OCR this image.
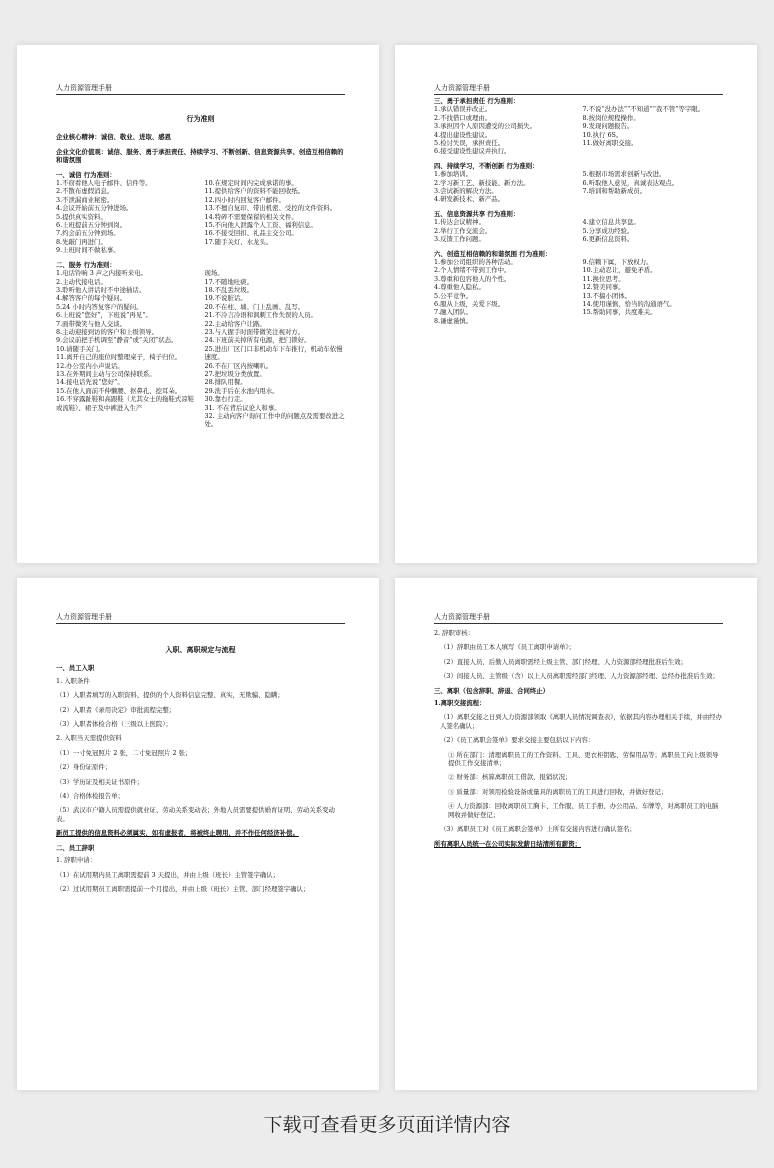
人力资源管理手册
行为准则
企业核心精神：诚信、敬业、进取、感恩
企业文化价值观：诚信、服务、勇于承担责任、持续学习、不断创新、信息资源共享、创造互相信赖的和谐氛围
一、诚信 行为准则：
1.不窃看他人电子邮件、信件等。
2.不散布虚假消息。
3.不泄漏商业秘密。
4.会议开始前五分钟进场。
5.提供真实资料。
6.上班提前五分钟到岗。
7.约会前五分钟到场。
8.先敲门再进门。
9.上班时间不做私事。
10.在规定时间内完成承诺的事。
11.提供给客户的资料不能回收纸。
12.四小时内回复客户邮件。
13.不擅自复印、带出机密、受控的文件资料。
14.特碎不需要保留的相关文件。
15.不向他人泄露个人工资、福利信息。
16.不接受回扣、礼品主交公司。
17.随手关灯、水龙头。
二、服务 行为准则：
1.电话铃响 3 声之内接听来电。
2.主动代接电话。
3.聆听他人讲话时不中途插话。
4.解答客户的每个疑问。
5.24 小时内答复客户的疑问。
6.上班说“您好”，下班说“再见”。
7.面带微笑与他人交谈。
8.主动迎接到访的客户和上级领导。
9.会议前把手机调至“静音”或“关闭”状态。
10.请随手关门。
11.离开自己的座位时整理桌子，椅子归位。
12.办公室内小声说话。
13.在外期间主动与公司保持联系。
14.接电话先说“您好”。
15.在他人面前不伸懒腰、抠鼻孔、挖耳朵。
16.不穿露趾鞋和高跟鞋（尤其女士的拖鞋式凉鞋或流鞋）、裙子及中裤进入生产
现场。
17.不随地吐痰。
18.不乱丢垃圾。
19.不说脏话。
20.不在柱、墙、门上乱画、乱写。
21.不冷言冷语和讽刺工作失误的人员。
22.主动给客户让路。
23.与人握手时面带微笑注视对方。
24.下班前关掉所有电源，把门锁好。
25.进出厂区门口非机动车下车推行，机动车依慢速度。
26.不在厂区内按喇叭。
27.把垃圾分类放置。
28.排队用餐。
29.洗手后在水池内甩水。
30.靠右行走。
31. 不在背后议论人和事。
32. 主动向客户询问工作中的问题点及需要改进之处。
人力资源管理手册
三、勇于承担责任 行为准则：
1.承认错误并改正。
2.不找借口或理由。
3.承担因个人原因遭受的公司损失。
4.提出建设性建议。
5.检讨失误，承担责任。
6.接受建设性建议并执行。
7.不说“没办法”“不知道”“我不管”等字眼。
8.按岗位规程操作。
9.发现问题报告。
10.执行 6S。
11.做好离职交接。
四、持续学习，不断创新 行为准则：
1.参加培训。
2.学习新工艺、新技能、新方法。
3.尝试新的解决方法。
4.研发新技术、新产品。
5.根据市场需求创新与改进。
6.听取他人意见，真诚表达观点。
7.培训和帮助新成员。
五、信息资源共享 行为准则：
1.传达会议精神。
2.举行工作交流会。
3.反馈工作问题。
4.建立信息共享盘。
5.分享成功经验。
6.更新信息资料。
六、创造互相信赖的和谐氛围 行为准则：
1.参加公司组织的各种活动。
2.个人情绪不带到工作中。
3.尊重和包容他人的个性。
4.尊重他人隐私。
5.公平竞争。
6.服从上级，关爱下级。
7.融入团队。
8.谦虚谨慎。
9.信赖下属，下放权力。
10.主动忍让，避免矛盾。
11.换位思考。
12.赞美同事。
13.不搞小团体。
14.使用谨慎、恰当的沟通语气。
15.帮助同事，共度难关。
人力资源管理手册
入职、离职规定与流程
一、员工入职
1. 入职条件
（1）入职者填写的入职资料、提供的个人资料信息完整、真实，无欺骗、隐瞒；
（2）入职者《录用决定》审批流程完整；
（3）入职者体检合格（三级以上医院）；
2. 入职当天需提供资料
（1）一寸免冠照片 2 张，二寸免冠照片 2 张；
（2）身份证原件；
（3）学历证及相关证书原件；
（4）合格体检报告单；
（5）武汉市户籍人员需提供就业证、劳动关系变动表；外地人员需要提供婚育证明、劳动关系变动表。
新员工提供的信息资料必须属实，如有虚报者，将被终止聘用，并不作任何经济补偿。
二、员工辞职
1. 辞职申请：
（1）在试用期内员工离职需提前 3 天提出，并由上级（班长）主管签字确认；
（2）过试用期员工离职需提前一个月提出，并由上级（班长）主管、部门经理签字确认；
人力资源管理手册
2. 辞职审核：
（1）辞职由员工本人填写《员工离职申请单》；
（2）直接人员、后勤人员离职需经上级主管、部门经理、人力资源部经理批准后生效；
（3）间接人员、主管级（含）以上人员离职需经部门经理、人力资源部经理、总经办批准后生效；
三、离职（包含辞职、辞退、合同终止）
1.离职交接流程：
（1）离职交接之日到人力资源部领取《离职人员情况调查表》，依据其内容办理相关手续，并由经办人签名确认；
（2）《员工离职会签单》要求交接主要包括以下内容：
① 所在部门：清理离职员工的工作资料、工具、更衣柜钥匙、劳保用品等；离职员工向上级领导提供工作交接清单；
② 财务部：核算离职员工借款、报销状况；
③ 质量部：对领用检验设备或量具的离职员工的工具进行回收，并做好登记；
④ 人力资源部：回收离职员工胸卡、工作服、员工手册、办公用品、车牌等，对离职员工的电脑网收并做好登记；
（3）离职员工对《员工离职会签单》上所有交接内容进行确认签名；
所有离职人员统一在公司实际发薪日结清所有薪资；
下载可查看更多页面详情内容
